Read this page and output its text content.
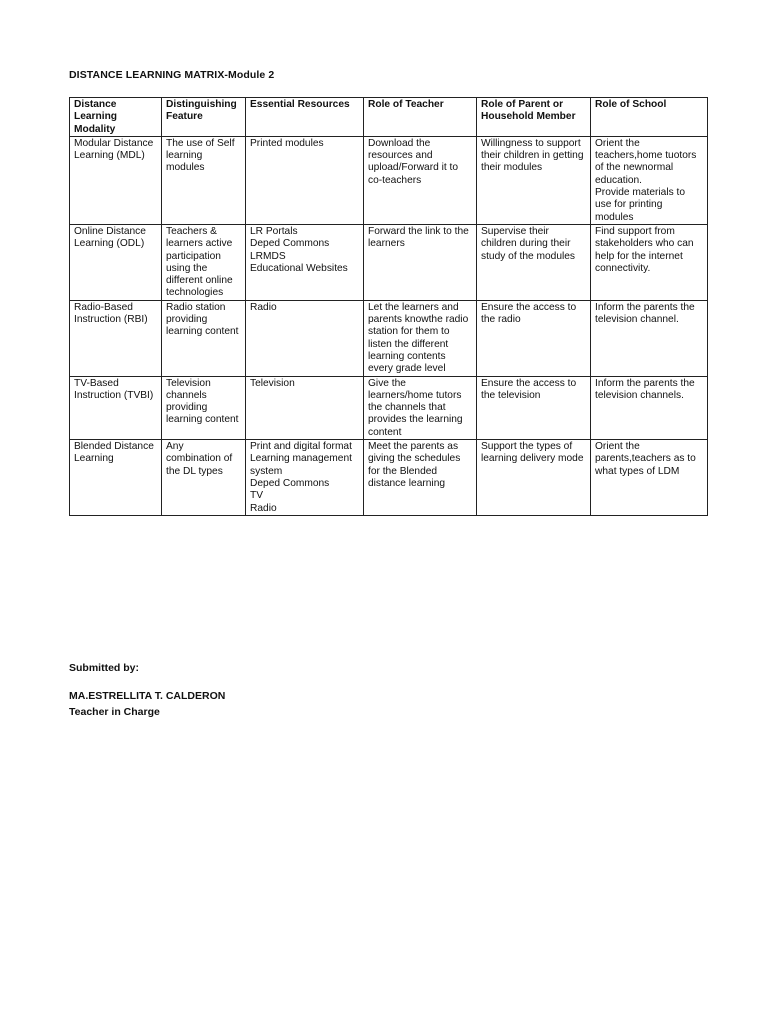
DISTANCE LEARNING MATRIX-Module 2
Distance Learning Modality	Distinguishing Feature	Essential Resources	Role of Teacher	Role of Parent or Household Member	Role of School
Modular Distance Learning (MDL)	The use of Self learning modules	Printed modules	Download the resources and upload/Forward it to co-teachers	Willingness to support their children in getting their modules	Orient the teachers,home tuotors of the newnormal education.
Provide materials to use for printing modules

Online Distance Learning (ODL)	Teachers & learners active participation using the different online technologies	LR Portals
Deped Commons
LRMDS
Educational Websites	Forward the link to the learners	Supervise their children during their study of the modules	Find support from stakeholders who can help for the internet connectivity.

Radio-Based Instruction (RBI)	Radio station providing learning content	Radio	Let the learners and parents knowthe radio station for them to listen the different learning contents every grade level	Ensure the access to the radio	Inform the parents the television channel.

TV-Based Instruction (TVBI)	Television channels providing learning content	Television	Give the learners/home tutors the channels that provides the learning content	Ensure the access to the television	Inform the parents the television channels.

Blended Distance Learning	Any combination of the DL types	Print and digital format
Learning management system
Deped Commons
TV
Radio	Meet the parents as giving the schedules for the Blended distance learning	Support the types of learning delivery mode	Orient the parents,teachers as to what types of LDM
Submitted by:
MA.ESTRELLITA T. CALDERON
Teacher in Charge
